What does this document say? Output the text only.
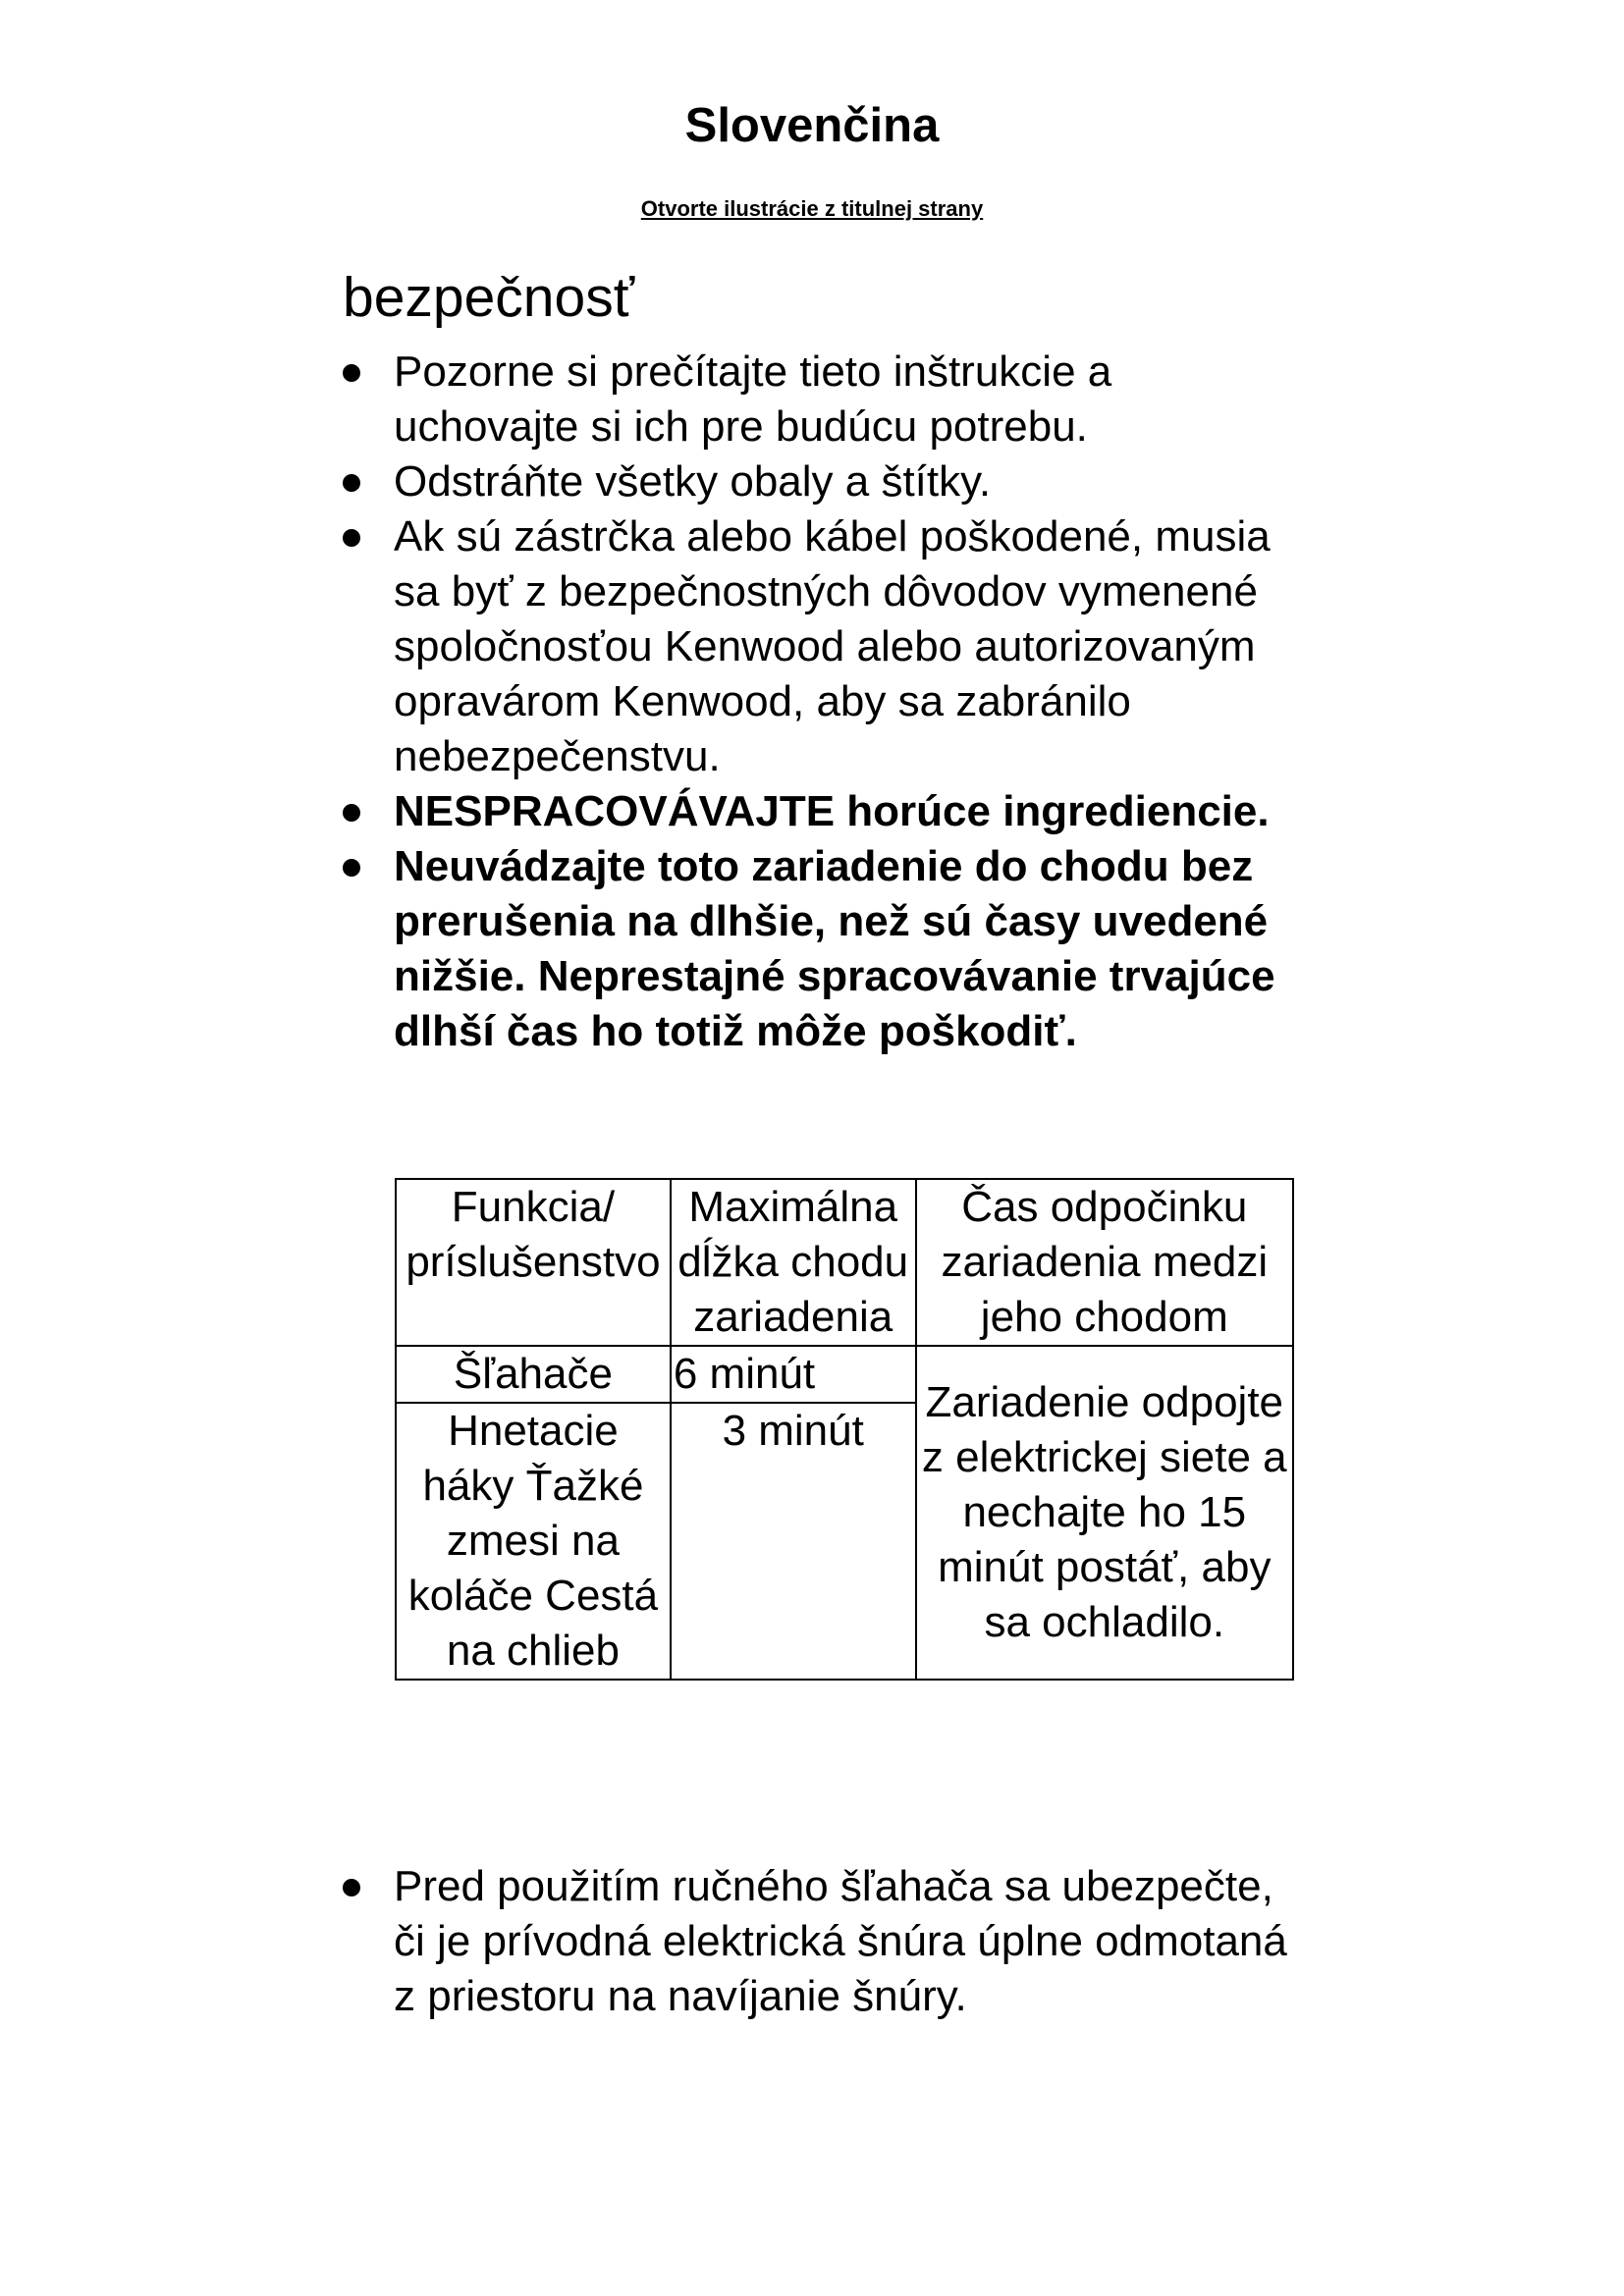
Slovenčina
Otvorte ilustrácie z titulnej strany
bezpečnosť
Pozorne si prečítajte tieto inštrukcie a uchovajte si ich pre budúcu potrebu.
Odstráňte všetky obaly a štítky.
Ak sú zástrčka alebo kábel poškodené, musia sa byť z bezpečnostných dôvodov vymenené spoločnosťou Kenwood alebo autorizovaným opravárom Kenwood, aby sa zabránilo nebezpečenstvu.
NESPRACOVÁVAJTE horúce ingrediencie.
Neuvádzajte toto zariadenie do chodu bez prerušenia na dlhšie, než sú časy uvedené nižšie. Neprestajné spracovávanie trvajúce dlhší čas ho totiž môže poškodiť.
Funkcia/ príslušenstvo	Maximálna dĺžka chodu zariadenia	Čas odpočinku zariadenia medzi jeho chodom
Šľahače	6 minút	Zariadenie odpojte z elektrickej siete a nechajte ho 15 minút postáť, aby sa ochladilo.
Hnetacie háky Ťažké zmesi na koláče Cestá na chlieb	3 minút	
Pred použitím ručného šľahača sa ubezpečte, či je prívodná elektrická šnúra úplne odmotaná z priestoru na navíjanie šnúry.
